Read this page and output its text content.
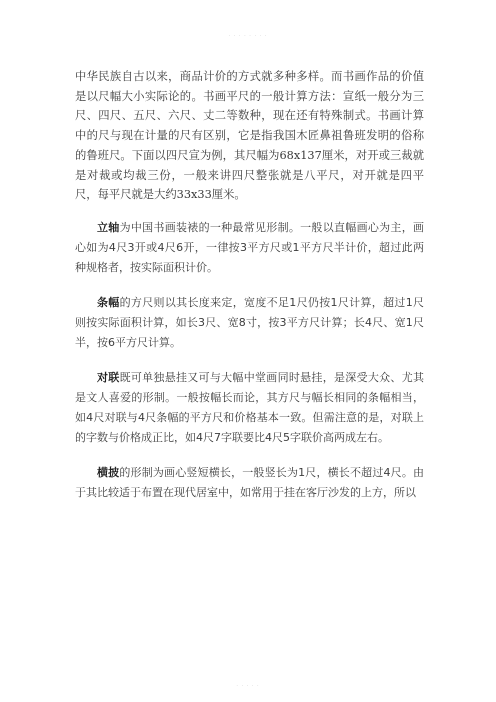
· · · · · · · ·

中华民族自古以来，商品计价的方式就多种多样。而书画作品的价值是以尺幅大小实际论的。书画平尺的一般计算方法：宣纸一般分为三尺、四尺、五尺、六尺、丈二等数种，现在还有特殊制式。书画计算中的尺与现在计量的尺有区别，它是指我国木匠鼻祖鲁班发明的俗称的鲁班尺。下面以四尺宣为例，其尺幅为68x137厘米，对开或三裁就是对裁或均裁三份，一般来讲四尺整张就是八平尺，对开就是四平尺，每平尺就是大约33x33厘米。

立轴为中国书画装裱的一种最常见形制。一般以直幅画心为主，画心如为4尺3开或4尺6开，一律按3平方尺或1平方尺半计价，超过此两种规格者，按实际面积计价。

条幅的方尺则以其长度来定，宽度不足1尺仍按1尺计算，超过1尺则按实际面积计算，如长3尺、宽8寸，按3平方尺计算；长4尺、宽1尺半，按6平方尺计算。

对联既可单独悬挂又可与大幅中堂画同时悬挂，是深受大众、尤其是文人喜爱的形制。一般按幅长而论，其方尺与幅长相同的条幅相当，如4尺对联与4尺条幅的平方尺和价格基本一致。但需注意的是，对联上的字数与价格成正比，如4尺7字联要比4尺5字联价高两成左右。

横披的形制为画心竖短横长，一般竖长为1尺，横长不超过4尺。由于其比较适于布置在现代居室中，如常用于挂在客厅沙发的上方，所以

· · · · ·
